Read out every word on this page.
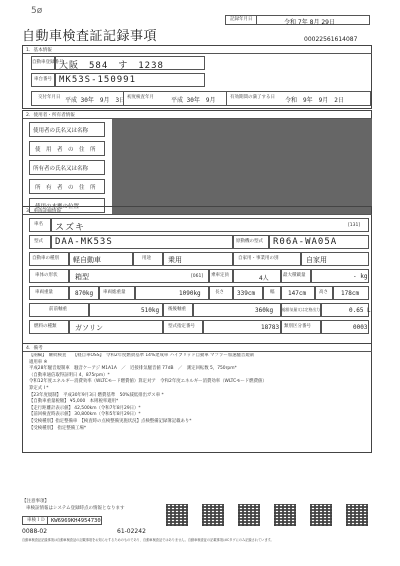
5ø
自動車検査証記録事項
記録年月日	令和 7年 8月 29日
00022561614087
1．基本情報
自動車登録番号
大阪　584　す　1238
車台番号 MK53S-150991
交付年月日 平成 30年　9月　3日 初度検査年月	平成 30年　9月	有効期間の満了する日 令和　9年　9月　2日
2．使用者・所有者情報
使用者の氏名又は名称
使　用　者　の　住　所
所有者の氏名又は名称
所　有　者　の　住　所
使用の本拠の位置
3．車両詳細情報
車名 スズキ	[131]
型式 DAA-MK53S	原動機の型式 R06A-WA05A
自動車の種別 軽自動車	用途 乗用	自家用・事業用の別	自家用
車体の形状	箱型	[061] 乗車定員	4人	最大積載量	- kg
車両重量	870kg 車両総重量	1090kg	長さ 339cm	幅 147cm	高さ 178cm
前前軸重	510kg 後後軸重	360kg 総排気量又は定格出力	0.65 L
燃料の種類	ガソリン	型式指定番号	18783 類別区分番号	0003
4．備考
【兩輪】　継続検査　　【軽自車OSS】　令和2年度燃費基準 14%達成車 ハイブリッド自動車 マフラー加速騒音規制
適用車 ※
平成28年騒音規制車　騒音ケーアジ M1A1A　／　近接排気騒音値 77dB　／　測定回転数 5，750rpm*
（自動車通信取得証明日 4，875rpm）*
令和12年度エネルギー消費効率（WLTCモード燃費値）算定対ア　令和2年度エネルギー消費効率（WLTCモード燃費値）
算定式 I *
【23年度規制】　平成30年9月3日 燃費基準　50%減低排出ガス車 *
【自動車重量税額】 ¥5,000　本則税率適用*
【走行距離計表示値】 42,500km（令和7年8月29日）*
【前回検査時表示値】 30,800km（令和5年8月29日）*
【受検種別】指定整備車　【検査時の点検整備実施状況】点検整備記録簿記載あり*
【受検種別】　指定整備工場*
【注意事項】
車検証情報はシステム登録時点の情報となります
車検ＩＤ KW6969KH4954730
0088-02	61-02242
自動車検査証記録事項は自動車検査証の記載事項をお知らせするためのものであり、自動車検査証ではありません。自動車検査証の記載事項はICタグにのみ記録されています。
